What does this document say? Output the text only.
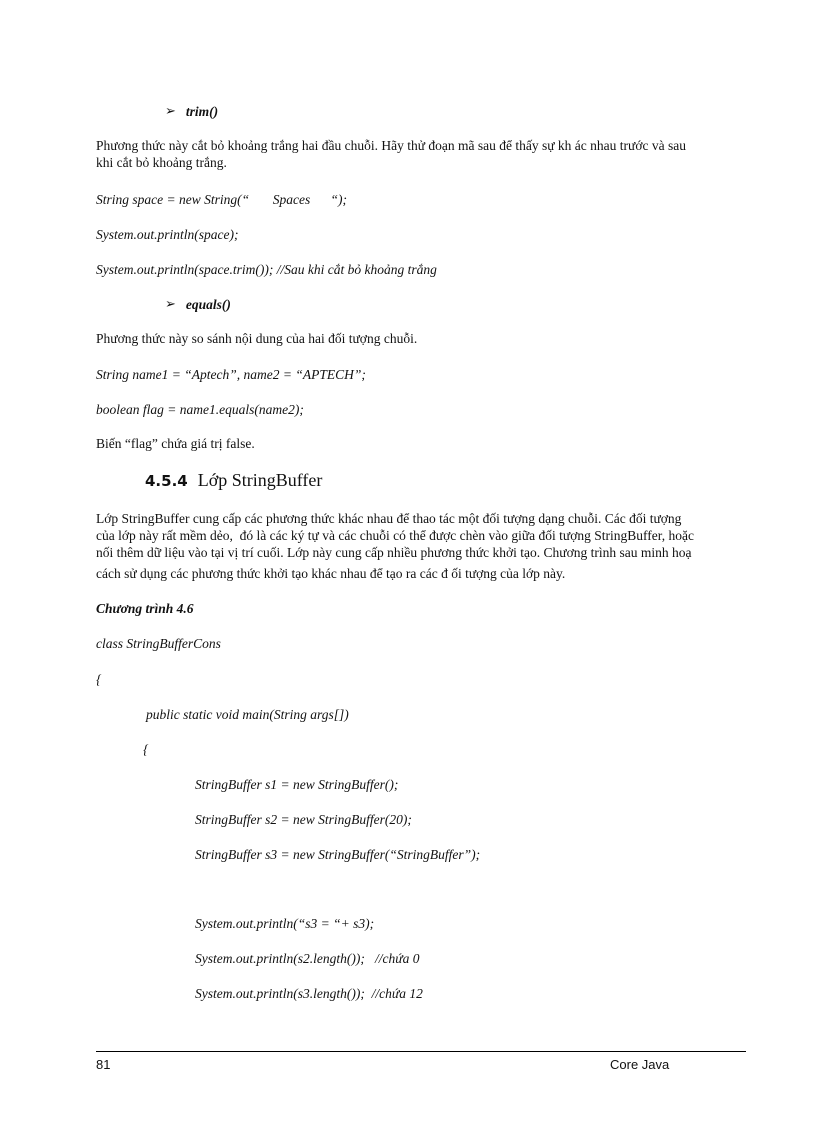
➢ trim()
Phương thức này cắt bỏ khoảng trắng hai đầu chuỗi. Hãy thử đoạn mã sau để thấy sự kh ác nhau trước và sau
khi cắt bỏ khoảng trắng.
String space = new String(“       Spaces      “);
System.out.println(space);
System.out.println(space.trim()); //Sau khi cắt bỏ khoảng trắng
➢ equals()
Phương thức này so sánh nội dung của hai đối tượng chuỗi.
String name1 = “Aptech”, name2 = “APTECH”;
boolean flag = name1.equals(name2);
Biến “flag” chứa giá trị false.
4.5.4 Lớp StringBuffer
Lớp StringBuffer cung cấp các phương thức khác nhau để thao tác một đối tượng dạng chuỗi. Các đối tượng
của lớp này rất mềm dẻo,  đó là các ký tự và các chuỗi có thể được chèn vào giữa đối tượng StringBuffer, hoặc
nối thêm dữ liệu vào tại vị trí cuối. Lớp này cung cấp nhiều phương thức khởi tạo. Chương trình sau minh hoạ
cách sử dụng các phương thức khởi tạo khác nhau để tạo ra các đ ối tượng của lớp này.
Chương trình 4.6
class StringBufferCons
{
public static void main(String args[])
{
StringBuffer s1 = new StringBuffer();
StringBuffer s2 = new StringBuffer(20);
StringBuffer s3 = new StringBuffer(“StringBuffer”);
System.out.println(“s3 = “+ s3);
System.out.println(s2.length());   //chứa 0
System.out.println(s3.length());  //chứa 12
81	Core Java
